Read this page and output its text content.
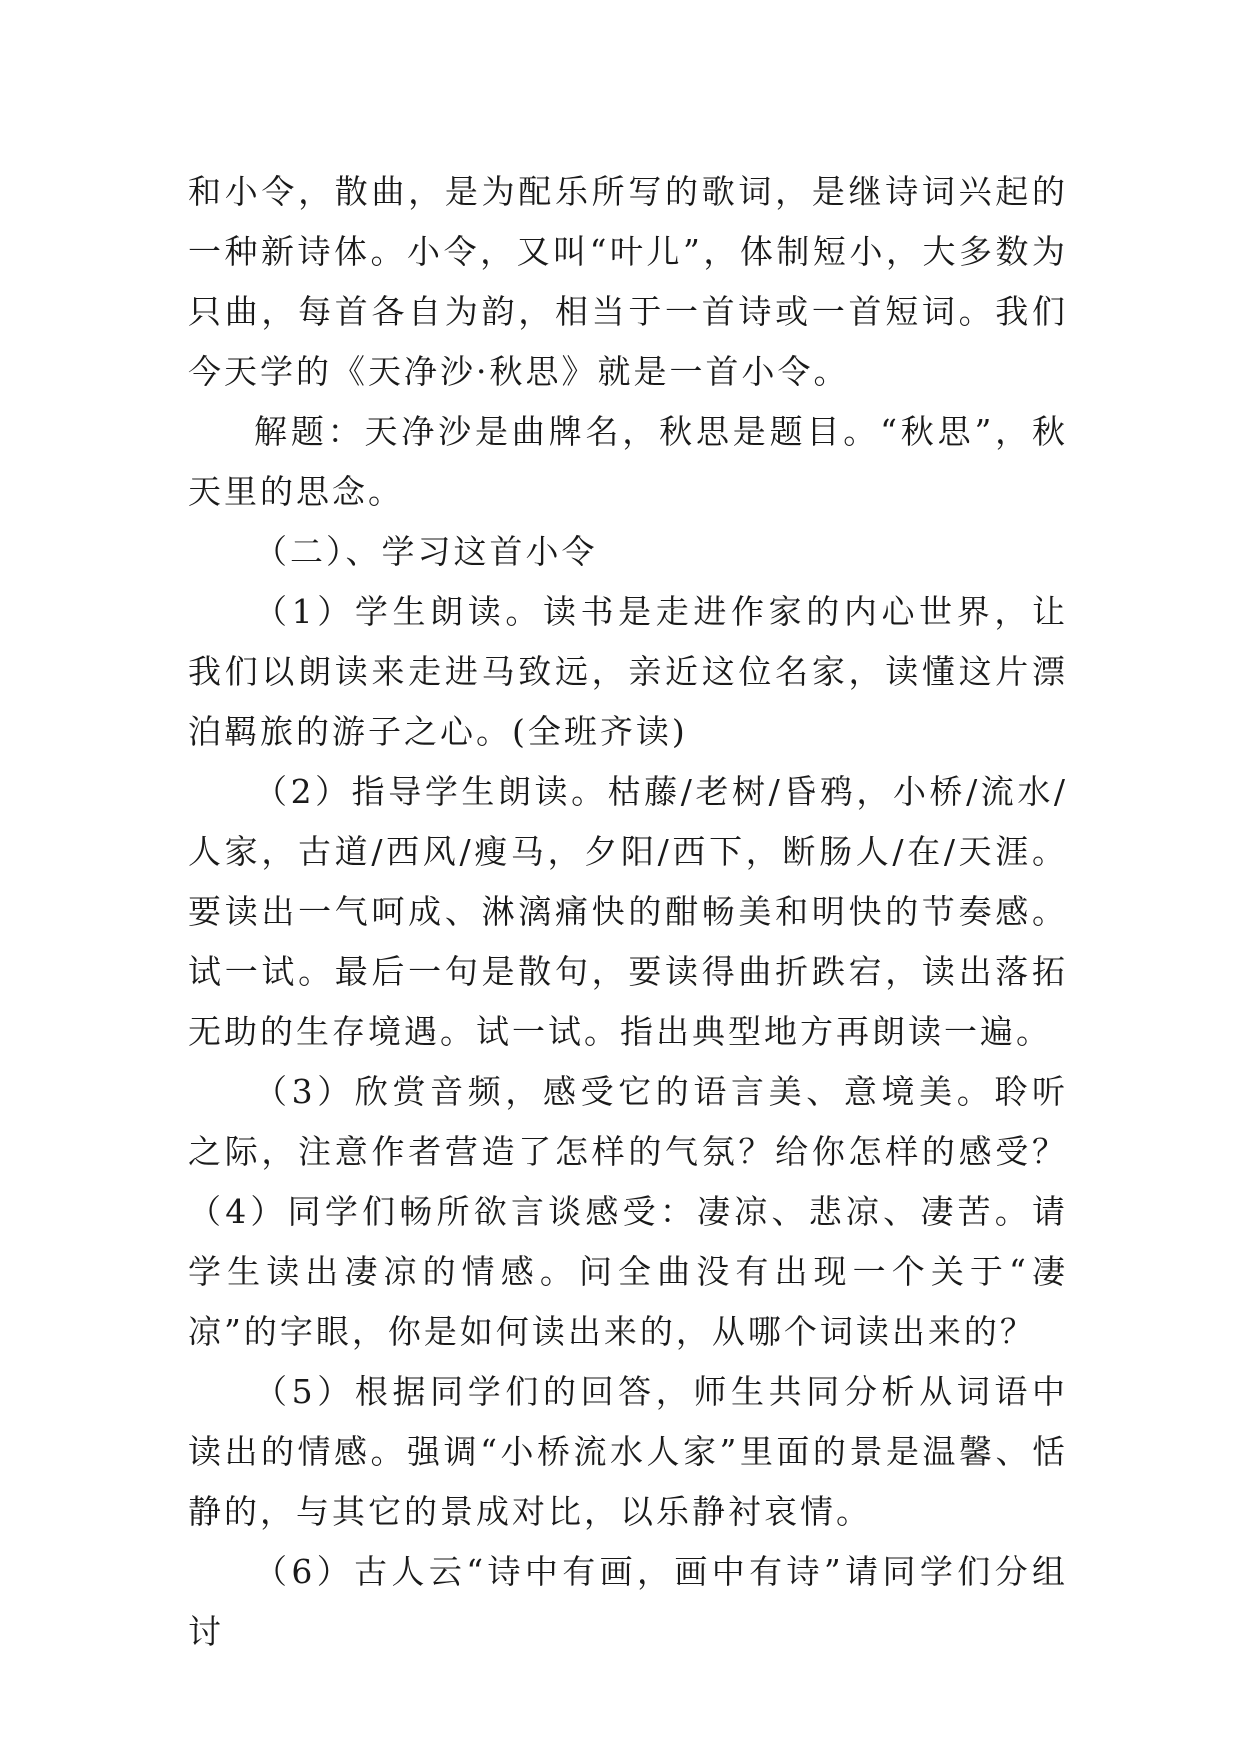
和小令，散曲，是为配乐所写的歌词，是继诗词兴起的一种新诗体。小令，又叫“叶儿”，体制短小，大多数为只曲，每首各自为韵，相当于一首诗或一首短词。我们今天学的《天净沙·秋思》就是一首小令。

解题：天净沙是曲牌名，秋思是题目。“秋思”，秋天里的思念。

（二）、学习这首小令

（1）学生朗读。读书是走进作家的内心世界，让我们以朗读来走进马致远，亲近这位名家，读懂这片漂泊羁旅的游子之心。(全班齐读)

（2）指导学生朗读。枯藤/老树/昏鸦，小桥/流水/人家，古道/西风/瘦马，夕阳/西下，断肠人/在/天涯。要读出一气呵成、淋漓痛快的酣畅美和明快的节奏感。试一试。最后一句是散句，要读得曲折跌宕，读出落拓无助的生存境遇。试一试。指出典型地方再朗读一遍。

（3）欣赏音频，感受它的语言美、意境美。聆听之际，注意作者营造了怎样的气氛？给你怎样的感受？（4）同学们畅所欲言谈感受：凄凉、悲凉、凄苦。请学生读出凄凉的情感。问全曲没有出现一个关于“凄凉”的字眼，你是如何读出来的，从哪个词读出来的？

（5）根据同学们的回答，师生共同分析从词语中读出的情感。强调“小桥流水人家”里面的景是温馨、恬静的，与其它的景成对比，以乐静衬哀情。

（6）古人云“诗中有画，画中有诗”请同学们分组讨
